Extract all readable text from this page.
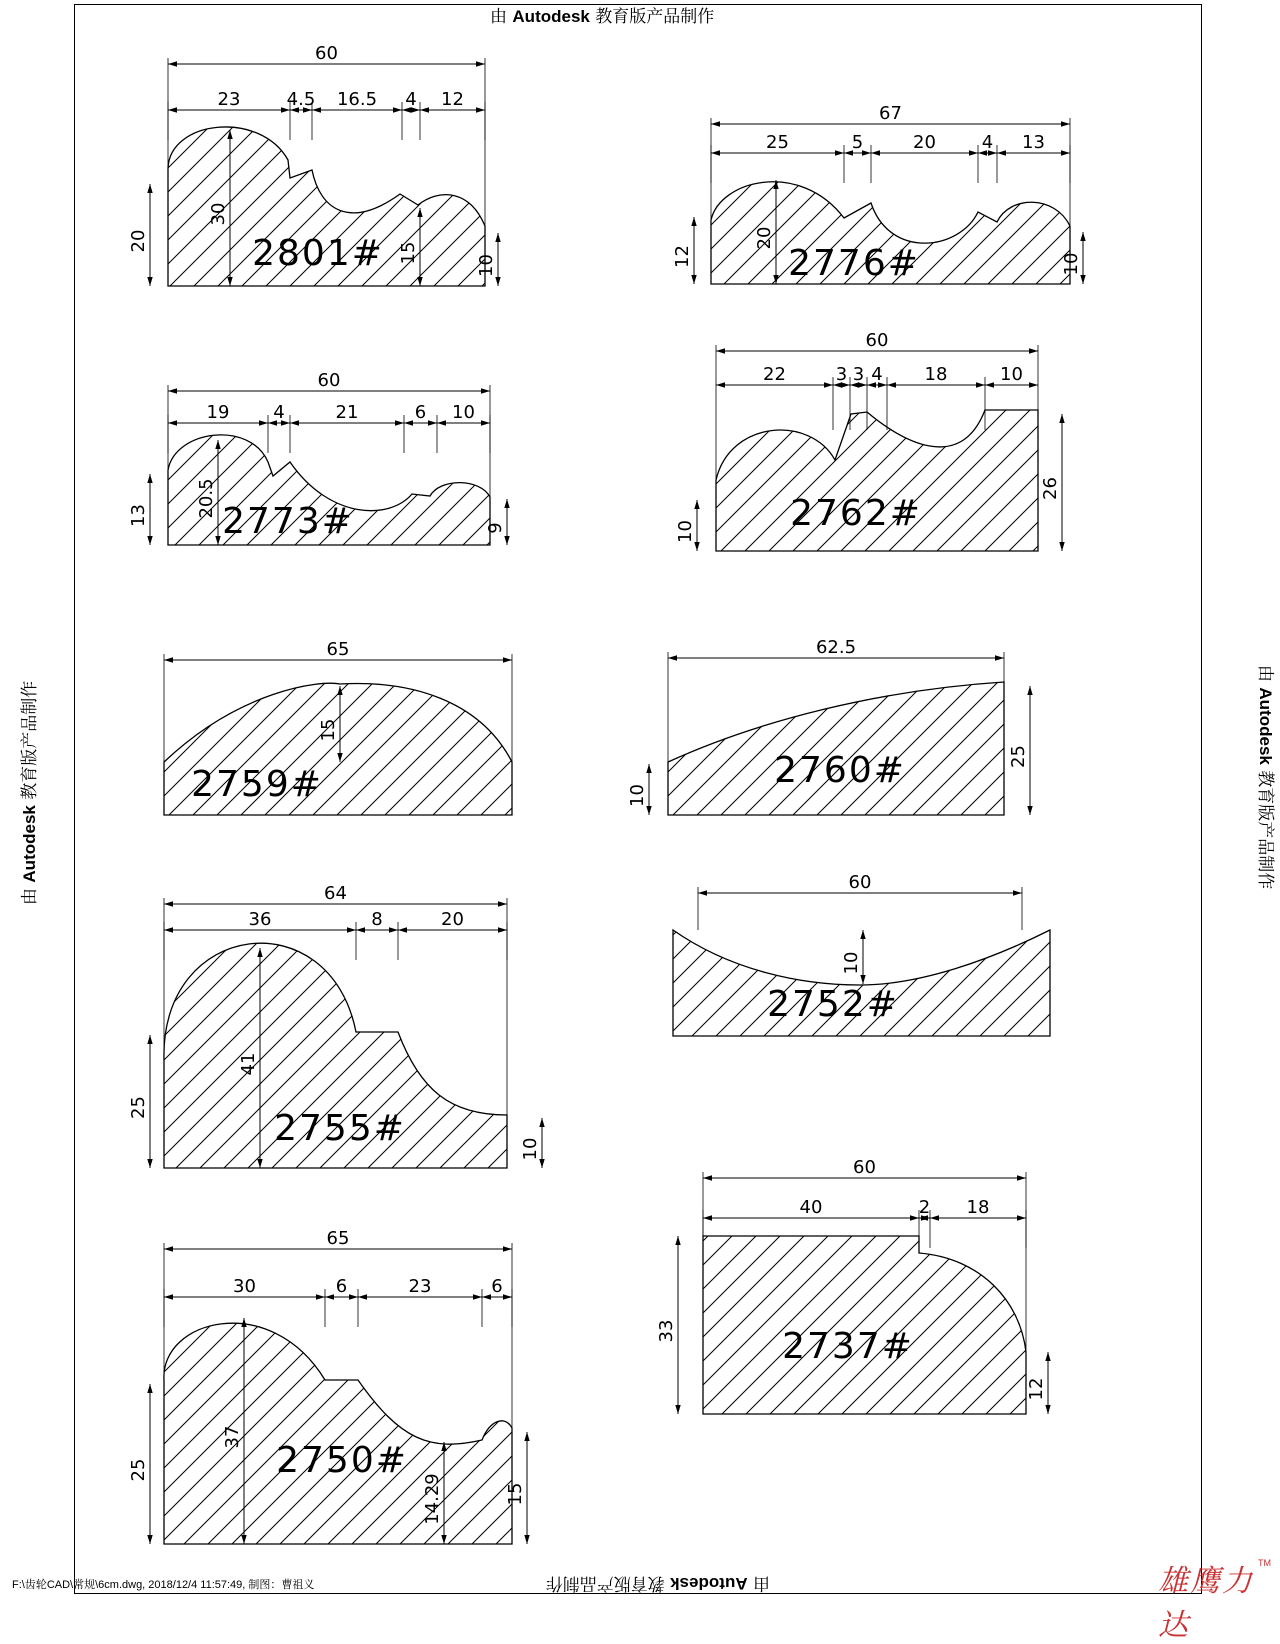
由 Autodesk 教育版产品制作
由 Autodesk 教育版产品制作
由 Autodesk 教育版产品制作
由 Autodesk 教育版产品制作
60
23	4.5 16.5 4 12
20
30
15
10
2801#
67
25	5	20	4 13
12
20
10
2776#
60
19 4	21	6 10
13	20.5
9
2773#
60
22	3 3 4 18	10
10
26
2762#
65
15
2759#
62.5
10
25
2760#
64
36	8	20
25
41
10
2755#
60
10
2752#
65
30	6	23	6
25
37
14.29	15
2750#
60
40	2 18
33
12
2737#
F:\齿轮CAD\常规\6cm.dwg, 2018/12/4 11:57:49, 制图：曹祖义	雄鹰力达
TM
